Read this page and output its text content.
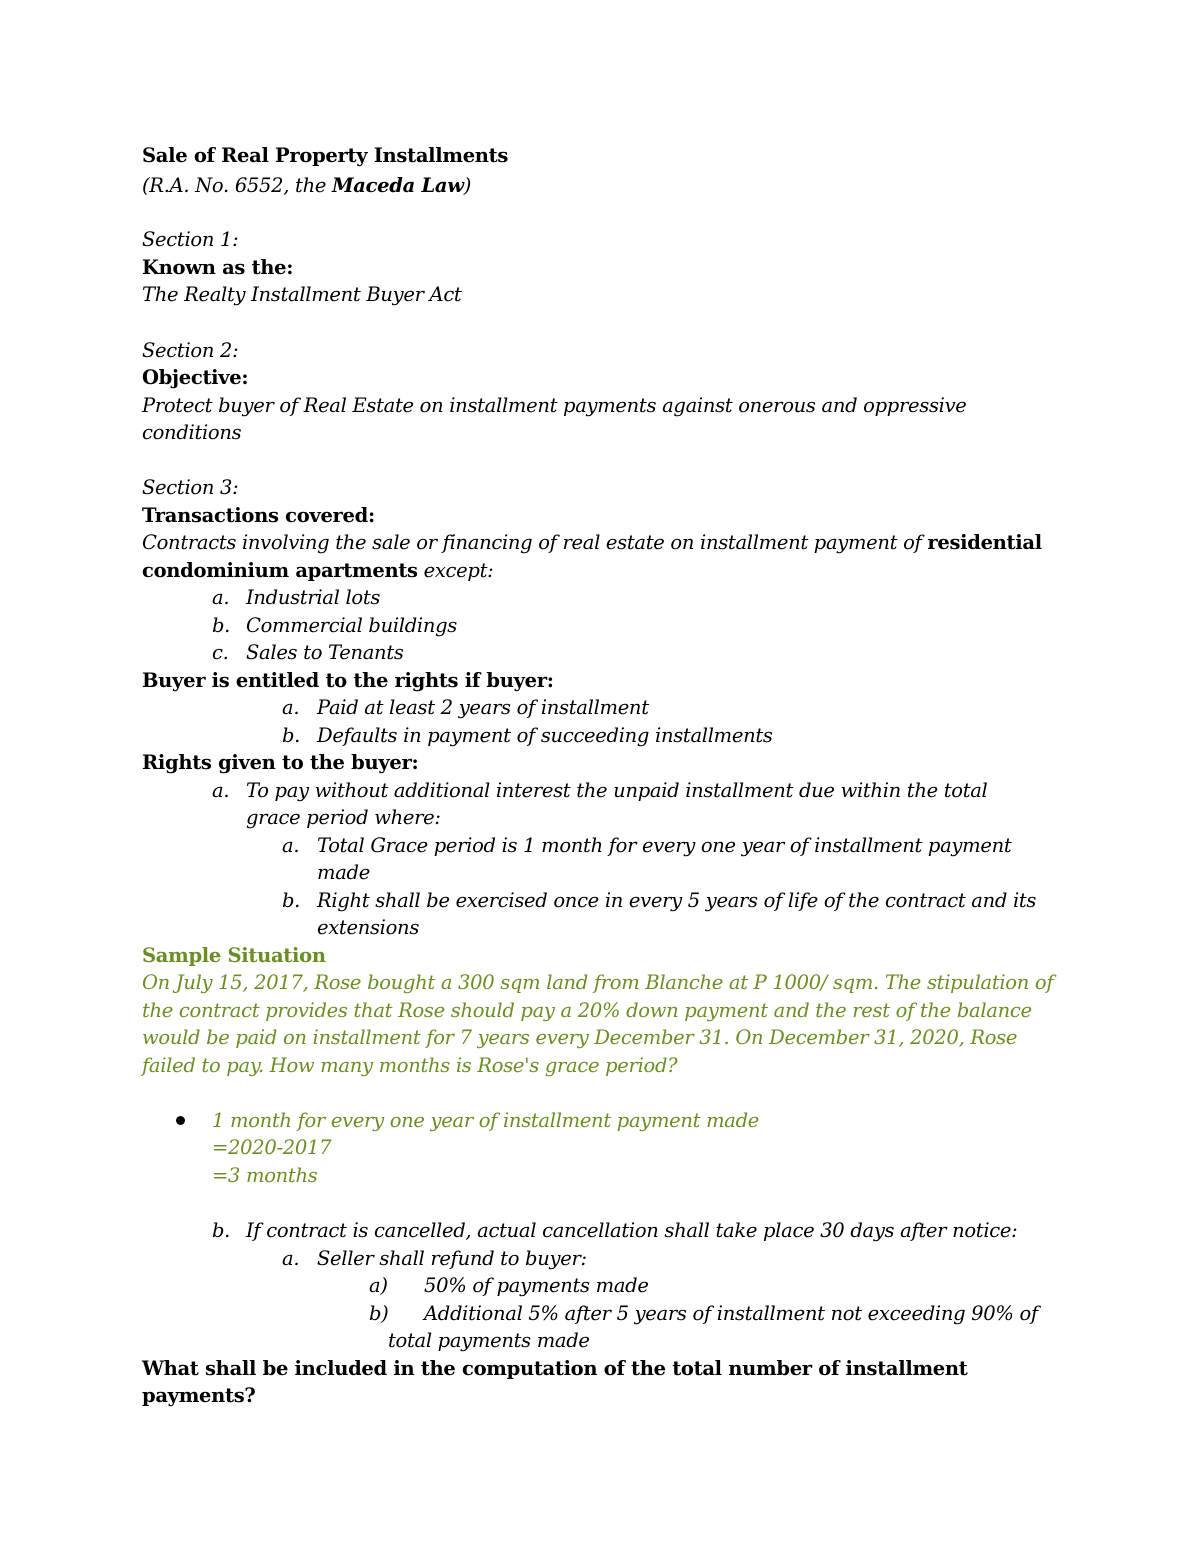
Sale of Real Property Installments
(R.A. No. 6552, the Maceda Law)
Section 1:
Known as the:
The Realty Installment Buyer Act
Section 2:
Objective:
Protect buyer of Real Estate on installment payments against onerous and oppressive
conditions
Section 3:
Transactions covered:
Contracts involving the sale or financing of real estate on installment payment of residential
condominium apartments except:
a. Industrial lots
b. Commercial buildings
c. Sales to Tenants
Buyer is entitled to the rights if buyer:
a. Paid at least 2 years of installment
b. Defaults in payment of succeeding installments
Rights given to the buyer:
a. To pay without additional interest the unpaid installment due within the total
grace period where:
a. Total Grace period is 1 month for every one year of installment payment
made
b. Right shall be exercised once in every 5 years of life of the contract and its
extensions
Sample Situation
On July 15, 2017, Rose bought a 300 sqm land from Blanche at P 1000/ sqm. The stipulation of
the contract provides that Rose should pay a 20% down payment and the rest of the balance
would be paid on installment for 7 years every December 31. On December 31, 2020, Rose
failed to pay. How many months is Rose's grace period?
1 month for every one year of installment payment made
=2020-2017
=3 months
b. If contract is cancelled, actual cancellation shall take place 30 days after notice:
a. Seller shall refund to buyer:
a) 50% of payments made
b) Additional 5% after 5 years of installment not exceeding 90% of
total payments made
What shall be included in the computation of the total number of installment
payments?
